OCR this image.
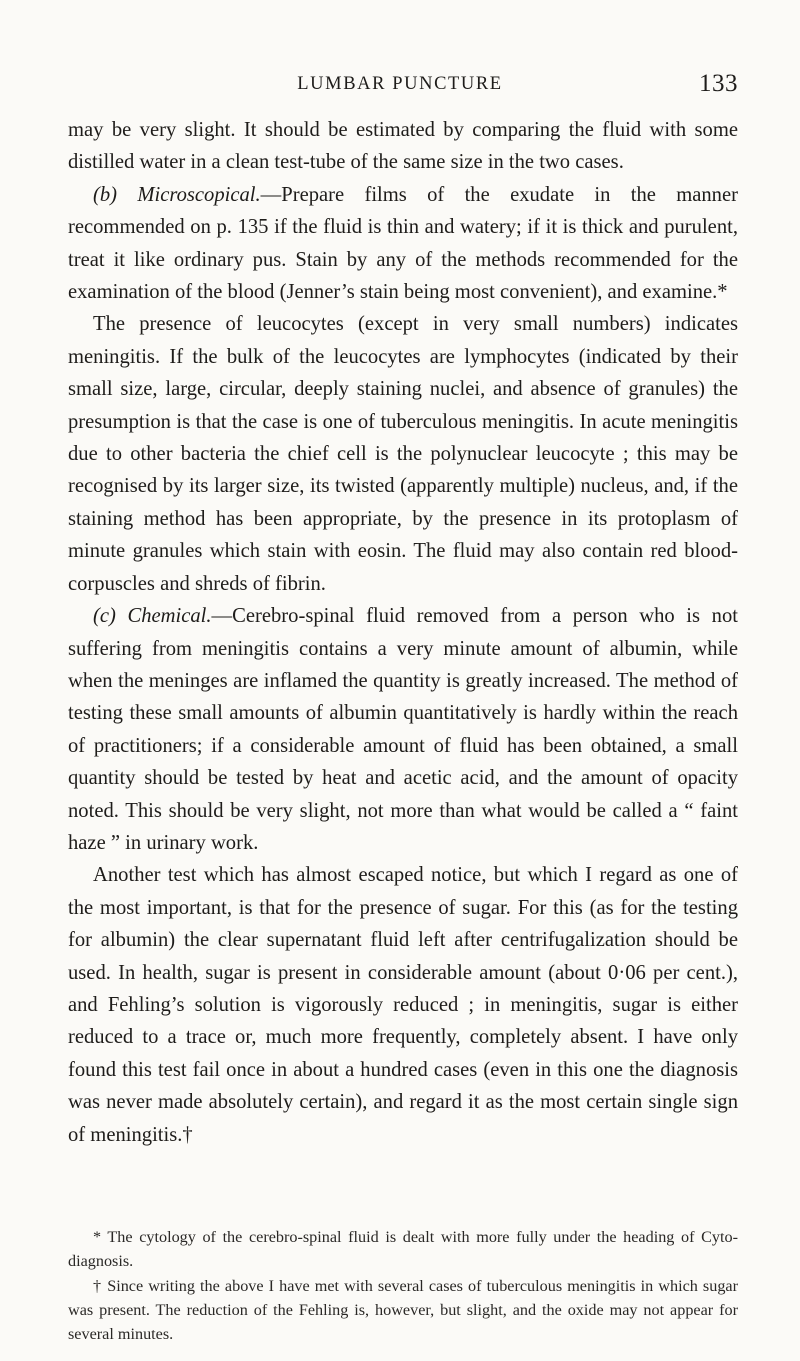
LUMBAR PUNCTURE	133

may be very slight. It should be estimated by comparing the fluid with some distilled water in a clean test-tube of the same size in the two cases.

(b) Microscopical.—Prepare films of the exudate in the manner recommended on p. 135 if the fluid is thin and watery; if it is thick and purulent, treat it like ordinary pus. Stain by any of the methods recommended for the examination of the blood (Jenner’s stain being most convenient), and examine.*

The presence of leucocytes (except in very small numbers) indicates meningitis. If the bulk of the leucocytes are lymphocytes (indicated by their small size, large, circular, deeply staining nuclei, and absence of granules) the presumption is that the case is one of tuberculous meningitis. In acute meningitis due to other bacteria the chief cell is the polynuclear leucocyte ; this may be recognised by its larger size, its twisted (apparently multiple) nucleus, and, if the staining method has been appropriate, by the presence in its protoplasm of minute granules which stain with eosin. The fluid may also contain red blood-corpuscles and shreds of fibrin.

(c) Chemical.—Cerebro-spinal fluid removed from a person who is not suffering from meningitis contains a very minute amount of albumin, while when the meninges are inflamed the quantity is greatly increased. The method of testing these small amounts of albumin quantitatively is hardly within the reach of practitioners; if a considerable amount of fluid has been obtained, a small quantity should be tested by heat and acetic acid, and the amount of opacity noted. This should be very slight, not more than what would be called a “ faint haze ” in urinary work.

Another test which has almost escaped notice, but which I regard as one of the most important, is that for the presence of sugar. For this (as for the testing for albumin) the clear supernatant fluid left after centrifugalization should be used. In health, sugar is present in considerable amount (about 0·06 per cent.), and Fehling’s solution is vigorously reduced ; in meningitis, sugar is either reduced to a trace or, much more frequently, completely absent. I have only found this test fail once in about a hundred cases (even in this one the diagnosis was never made absolutely certain), and regard it as the most certain single sign of meningitis.†

* The cytology of the cerebro-spinal fluid is dealt with more fully under the heading of Cyto-diagnosis.

† Since writing the above I have met with several cases of tuberculous meningitis in which sugar was present. The reduction of the Fehling is, however, but slight, and the oxide may not appear for several minutes.
